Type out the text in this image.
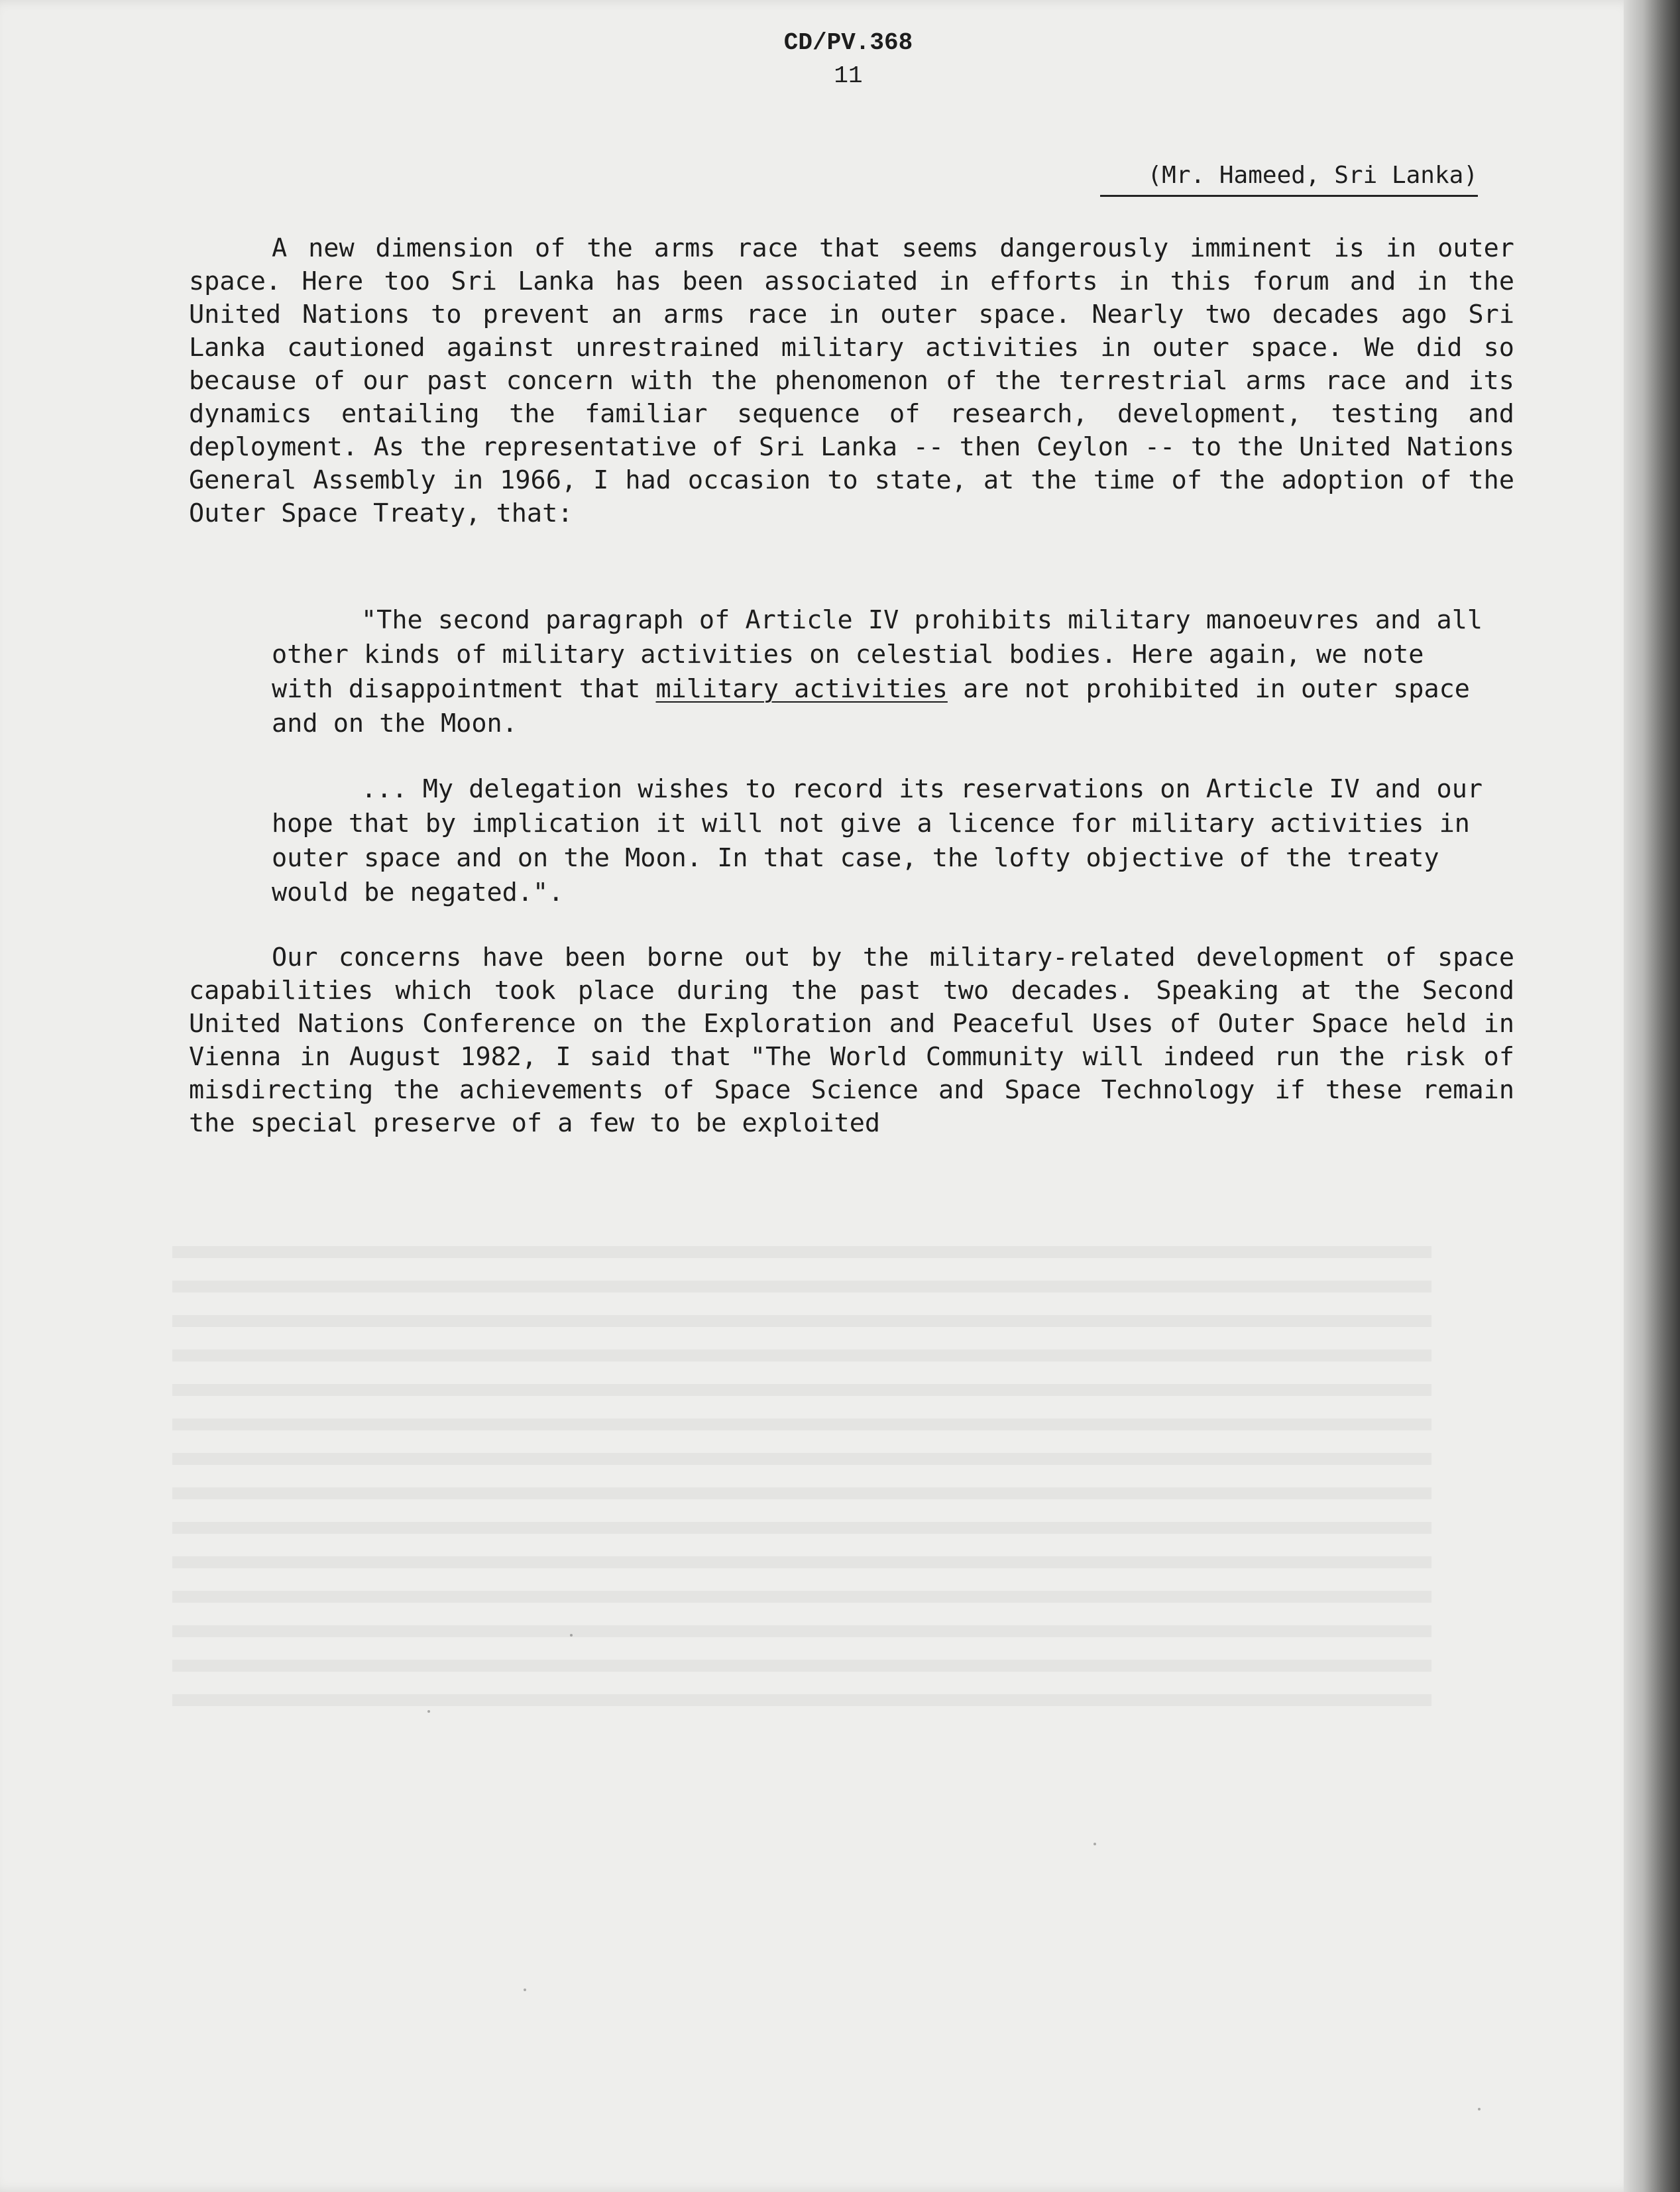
CD/PV.368
11
(Mr. Hameed, Sri Lanka)

A new dimension of the arms race that seems dangerously imminent is in outer space. Here too Sri Lanka has been associated in efforts in this forum and in the United Nations to prevent an arms race in outer space. Nearly two decades ago Sri Lanka cautioned against unrestrained military activities in outer space. We did so because of our past concern with the phenomenon of the terrestrial arms race and its dynamics entailing the familiar sequence of research, development, testing and deployment. As the representative of Sri Lanka -- then Ceylon -- to the United Nations General Assembly in 1966, I had occasion to state, at the time of the adoption of the Outer Space Treaty, that:

"The second paragraph of Article IV prohibits military manoeuvres and all other kinds of military activities on celestial bodies. Here again, we note with disappointment that military activities are not prohibited in outer space and on the Moon.

... My delegation wishes to record its reservations on Article IV and our hope that by implication it will not give a licence for military activities in outer space and on the Moon. In that case, the lofty objective of the treaty would be negated.".

Our concerns have been borne out by the military-related development of space capabilities which took place during the past two decades. Speaking at the Second United Nations Conference on the Exploration and Peaceful Uses of Outer Space held in Vienna in August 1982, I said that "The World Community will indeed run the risk of misdirecting the achievements of Space Science and Space Technology if these remain the special preserve of a few to be exploited
